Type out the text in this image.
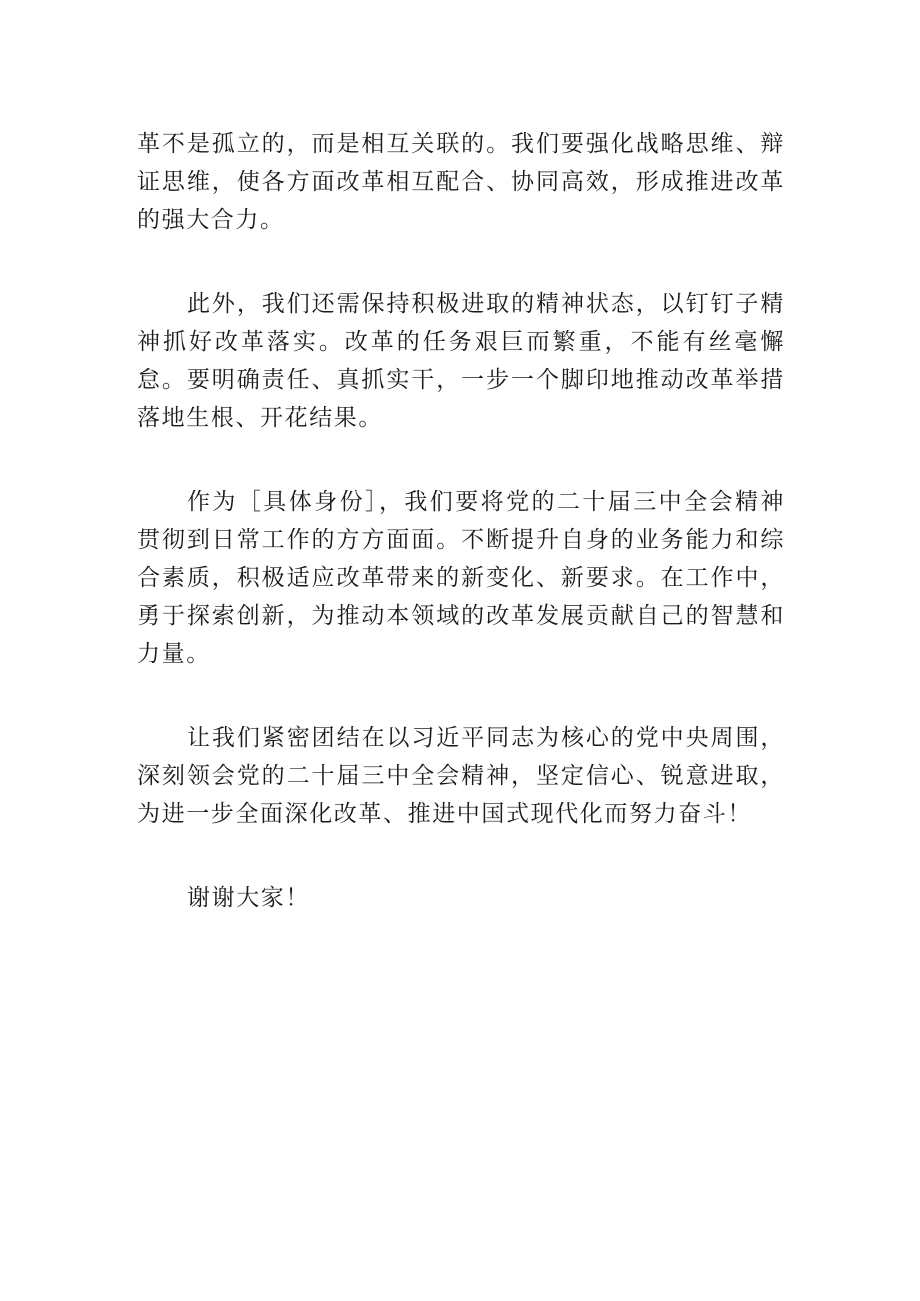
革不是孤立的，而是相互关联的。我们要强化战略思维、辩证思维，使各方面改革相互配合、协同高效，形成推进改革的强大合力。

此外，我们还需保持积极进取的精神状态，以钉钉子精神抓好改革落实。改革的任务艰巨而繁重，不能有丝毫懈怠。要明确责任、真抓实干，一步一个脚印地推动改革举措落地生根、开花结果。

作为［具体身份］，我们要将党的二十届三中全会精神贯彻到日常工作的方方面面。不断提升自身的业务能力和综合素质，积极适应改革带来的新变化、新要求。在工作中，勇于探索创新，为推动本领域的改革发展贡献自己的智慧和力量。

让我们紧密团结在以习近平同志为核心的党中央周围，深刻领会党的二十届三中全会精神，坚定信心、锐意进取，为进一步全面深化改革、推进中国式现代化而努力奋斗！

谢谢大家！
